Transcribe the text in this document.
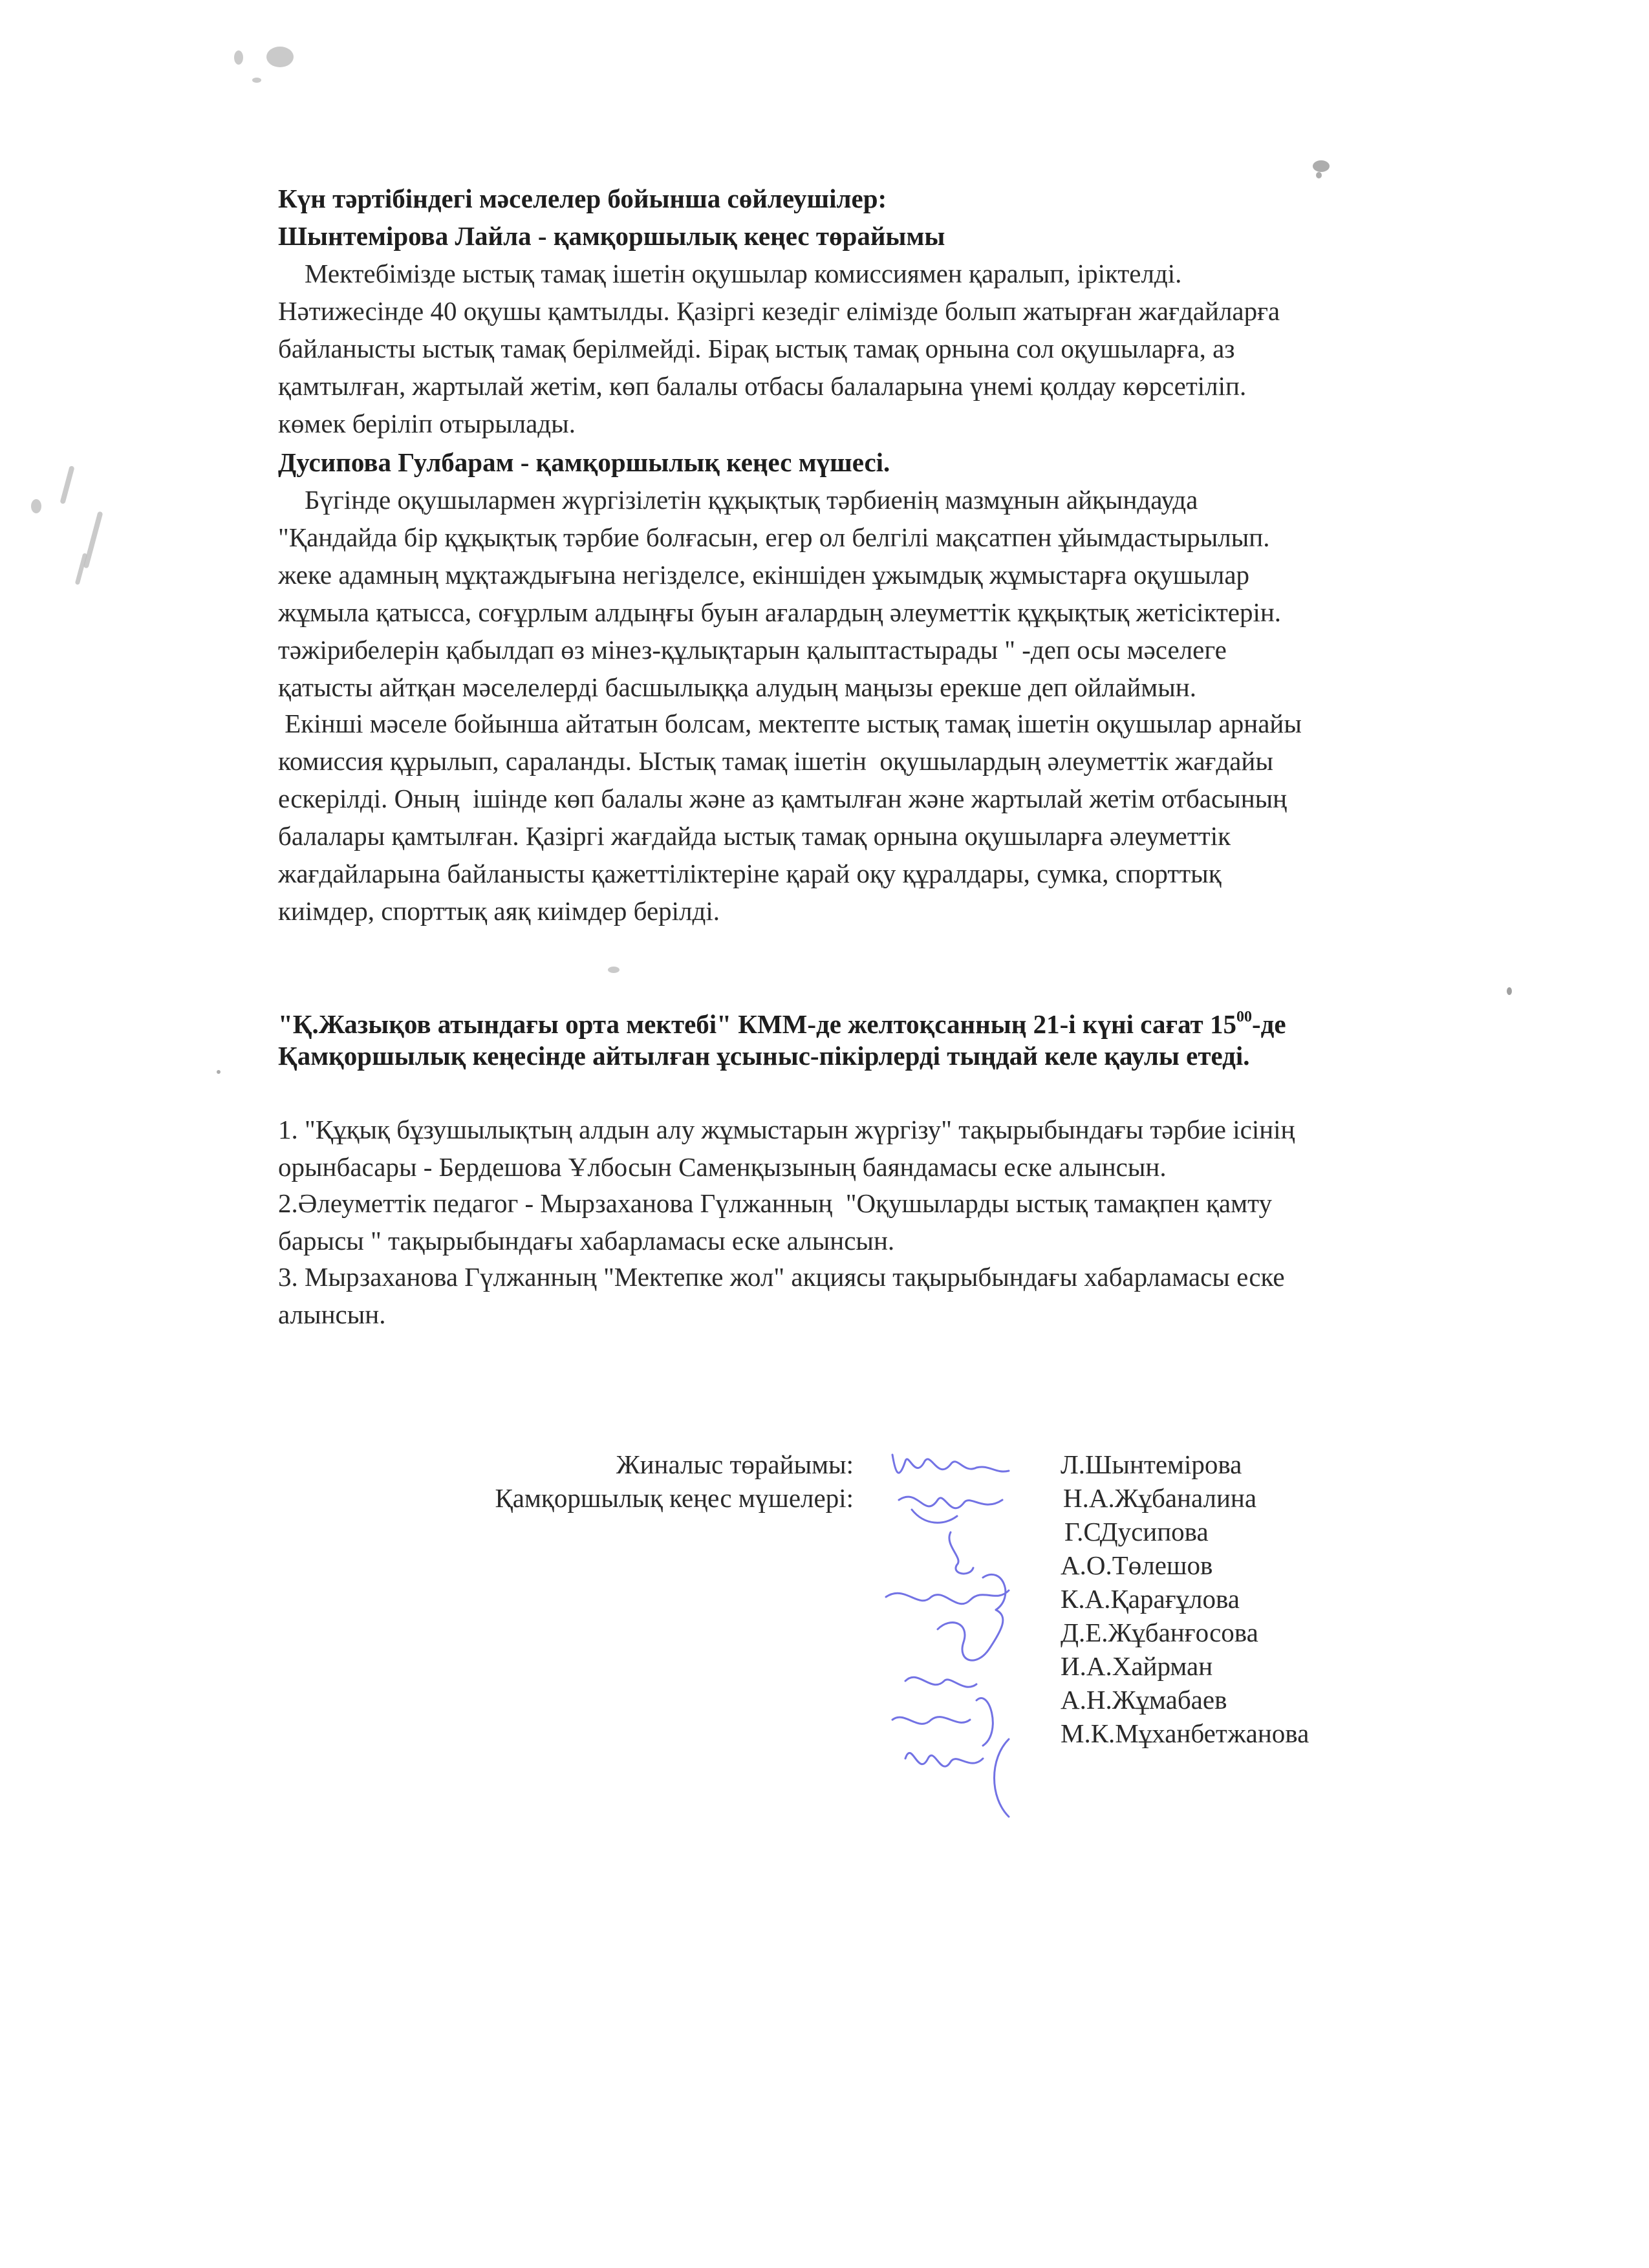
Күн тәртібіндегі мәселелер бойынша сөйлеушілер:
Шынтемірова Лайла - қамқоршылық кеңес төрайымы
Мектебімізде ыстық тамақ ішетін оқушылар комиссиямен қаралып, іріктелді.
Нәтижесінде 40 оқушы қамтылды. Қазіргі кезедіг елімізде болып жатырған жағдайларға
байланысты ыстық тамақ берілмейді. Бірақ ыстық тамақ орнына сол оқушыларға, аз
қамтылған, жартылай жетім, көп балалы отбасы балаларына үнемі қолдау көрсетіліп.
көмек беріліп отырылады.
Дусипова Гулбарам - қамқоршылық кеңес мүшесі.
Бүгінде оқушылармен жүргізілетін құқықтық тәрбиенің мазмұнын айқындауда
"Қандайда бір құқықтық тәрбие болғасын, егер ол белгілі мақсатпен ұйымдастырылып.
жеке адамның мұқтаждығына негізделсе, екіншіден ұжымдық жұмыстарға оқушылар
жұмыла қатысса, соғұрлым алдыңғы буын ағалардың әлеуметтік құқықтық жетісіктерін.
тәжірибелерін қабылдап өз мінез-құлықтарын қалыптастырады " -деп осы мәселеге
қатысты айтқан мәселелерді басшылыққа алудың маңызы ерекше деп ойлаймын.
Екінші мәселе бойынша айтатын болсам, мектепте ыстық тамақ ішетін оқушылар арнайы
комиссия құрылып, сараланды. Ыстық тамақ ішетін  оқушылардың әлеуметтік жағдайы
ескерілді. Оның  ішінде көп балалы және аз қамтылған және жартылай жетім отбасының
балалары қамтылған. Қазіргі жағдайда ыстық тамақ орнына оқушыларға әлеуметтік
жағдайларына байланысты қажеттіліктеріне қарай оқу құралдары, сумка, спорттық
киімдер, спорттық аяқ киімдер берілді.
"Қ.Жазықов атындағы орта мектебі" КММ-де желтоқсанның 21-і күні сағат $15^{00}-де$
Қамқоршылық кеңесінде айтылған ұсыныс-пікірлерді тыңдай келе қаулы етеді.
1. "Құқық бұзушылықтың алдын алу жұмыстарын жүргізу" тақырыбындағы тәрбие ісінің
орынбасары - Бердешова Ұлбосын Саменқызының баяндамасы еске алынсын.
2.Әлеуметтік педагог - Мырзаханова Гүлжанның  "Оқушыларды ыстық тамақпен қамту
барысы " тақырыбындағы хабарламасы еске алынсын.
3. Мырзаханова Гүлжанның "Мектепке жол" акциясы тақырыбындағы хабарламасы еске
алынсын.
Жиналыс төрайымы:
Қамқоршылық кеңес мүшелері:
Л.Шынтемірова
Н.А.Жұбаналина
Г.СДусипова
А.О.Төлешов
К.А.Қарағұлова
Д.Е.Жұбанғосова
И.А.Хайрман
А.Н.Жұмабаев
М.К.Мұханбетжанова
